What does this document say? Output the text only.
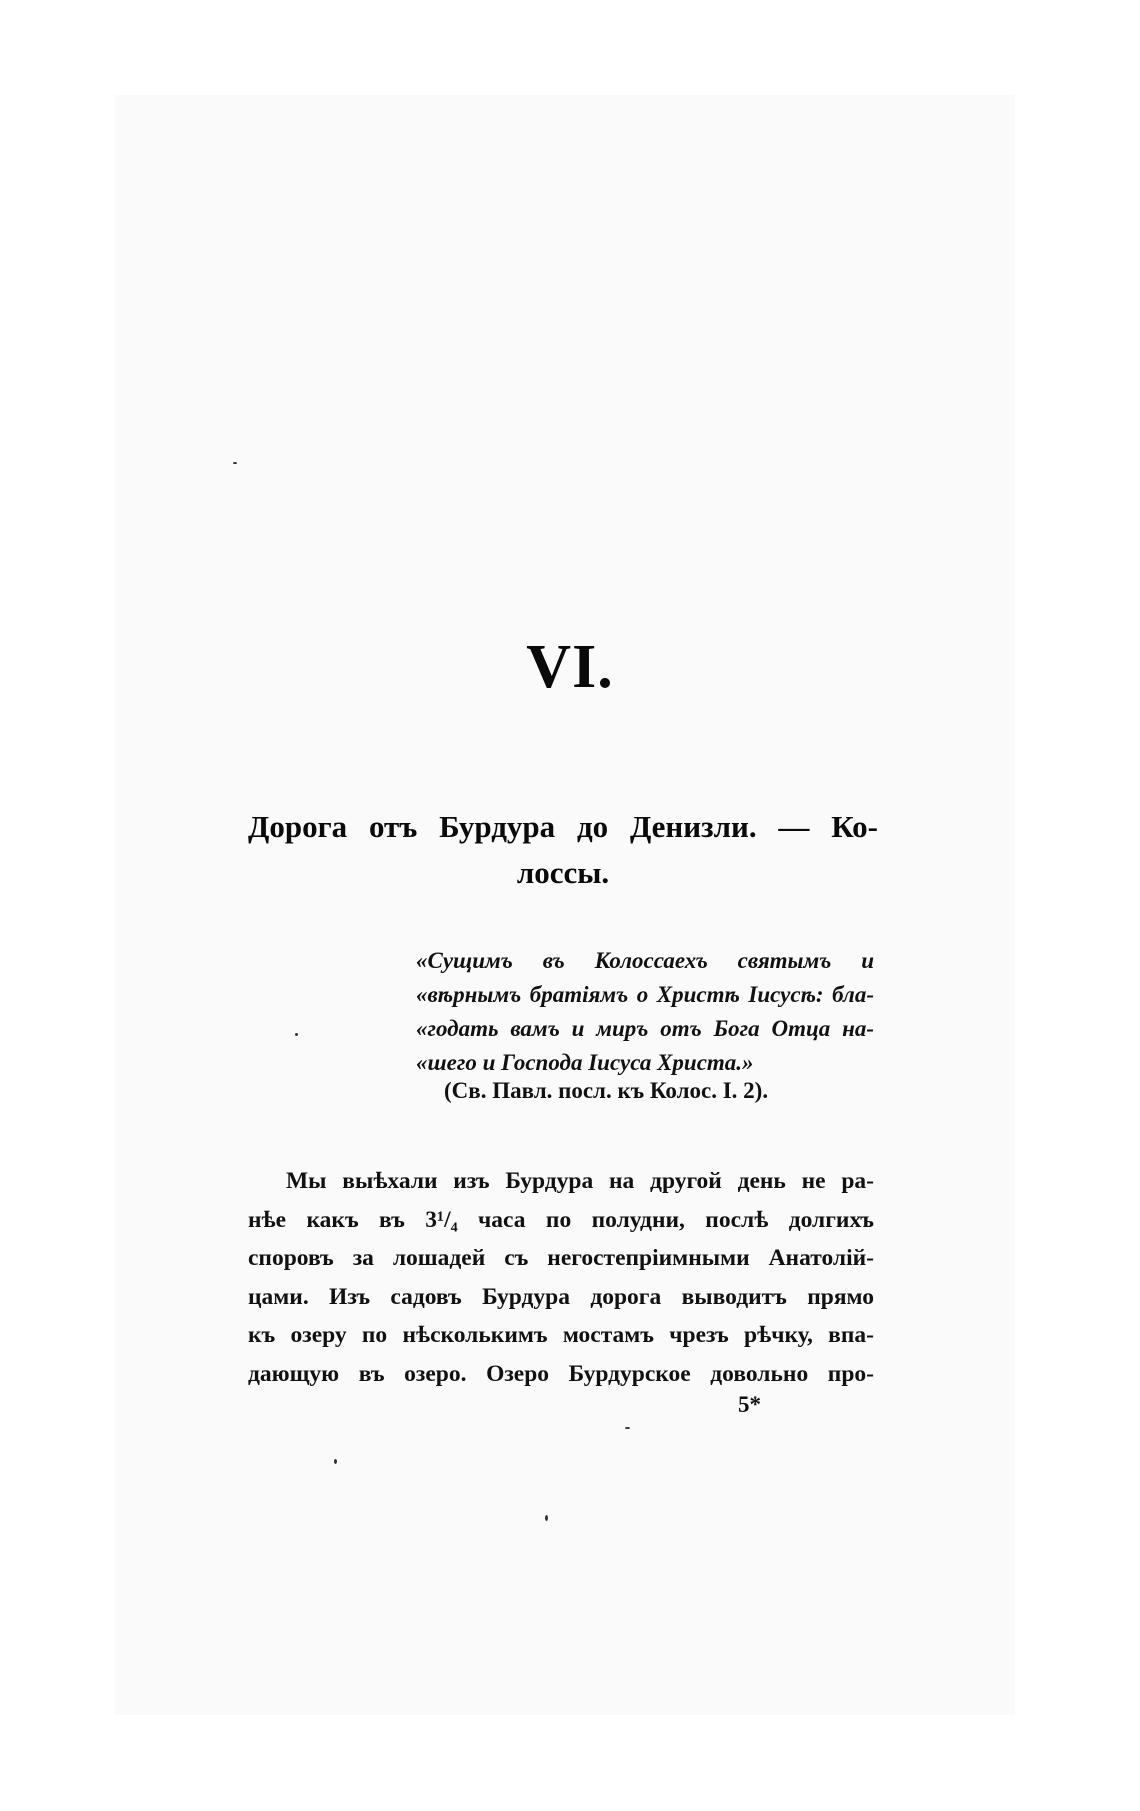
VI.
Дорога отъ Бурдура до Денизли. — Ко-
лоссы.
«Сущимъ въ Колоссаехъ святымъ и
«вѣрнымъ братіямъ о Христѣ Іисусѣ: бла-
«годать вамъ и миръ отъ Бога Отца на-
«шего и Господа Іисуса Христа.»
(Св. Павл. посл. къ Колос. I. 2).
Мы выѣхали изъ Бурдура на другой день не ра-
нѣе какъ въ 3¹/₄ часа по полудни, послѣ долгихъ
споровъ за лошадей съ негостепріимными Анатолій-
цами. Изъ садовъ Бурдура дорога выводитъ прямо
къ озеру по нѣсколькимъ мостамъ чрезъ рѣчку, впа-
дающую въ озеро. Озеро Бурдурское довольно про-
5*
